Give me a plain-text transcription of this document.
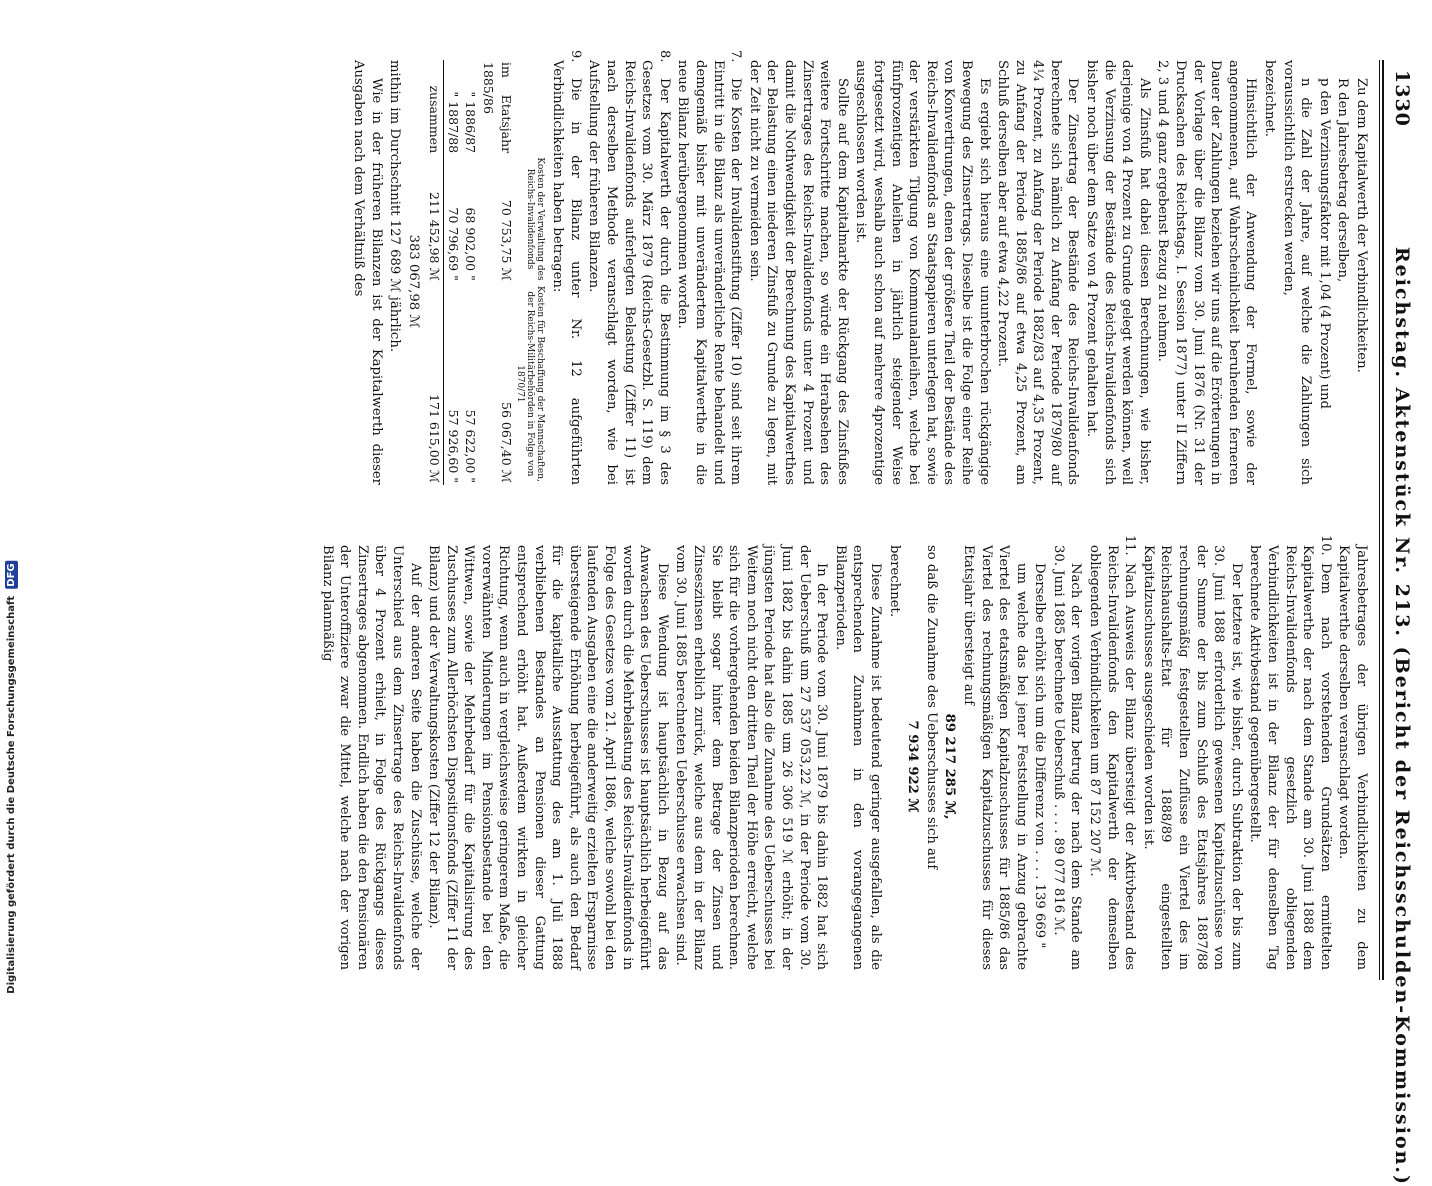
1330
Reichstag. Aktenstück Nr. 213. (Bericht der Reichsschulden-Kommission.)

Zu dem Kapitalwerth der Verbindlichkeiten.

R den Jahresbetrag derselben,

p den Verzinsungsfaktor mit 1,04 (4 Prozent) und

n die Zahl der Jahre, auf welche die Zahlungen sich voraussichtlich erstrecken werden,

bezeichnet.

Hinsichtlich der Anwendung der Formel, sowie der angenommenen, auf Wahrscheinlichkeit beruhenden ferneren Dauer der Zahlungen beziehen wir uns auf die Erörterungen in der Vorlage über die Bilanz vom 30. Juni 1876 (Nr. 31 der Drucksachen des Reichstags, I. Session 1877) unter II Ziffern 2, 3 und 4 ganz ergebenst Bezug zu nehmen.

Als Zinsfuß hat dabei diesen Berechnungen, wie bisher, derjenige von 4 Prozent zu Grunde gelegt werden können, weil die Verzinsung der Bestände des Reichs-Invalidenfonds sich bisher noch über dem Satze von 4 Prozent gehalten hat.

Der Zinsertrag der Bestände des Reichs-Invalidenfonds berechnete sich nämlich zu Anfang der Periode 1879/80 auf 4¼ Prozent, zu Anfang der Periode 1882/83 auf 4,35 Prozent, zu Anfang der Periode 1885/86 auf etwa 4,25 Prozent, am Schluß derselben aber auf etwa 4,22 Prozent.

Es ergiebt sich hieraus eine ununterbrochen rückgängige Bewegung des Zinsertrags. Dieselbe ist die Folge einer Reihe von Konvertirungen, denen der größere Theil der Bestände des Reichs-Invalidenfonds an Staatspapieren unterlegen hat, sowie der verstärkten Tilgung von Kommunalanleihen, welche bei fünfprozentigen Anleihen in jährlich steigender Weise fortgesetzt wird, weshalb auch schon auf mehrere 4prozentige ausgeschlossen worden ist.

Sollte auf dem Kapitalmarkte der Rückgang des Zinsfußes weitere Fortschritte machen, so würde ein Herabsehen des Zinsertrages des Reichs-Invalidenfonds unter 4 Prozent und damit die Nothwendigkeit der Berechnung des Kapitalwerthes der Belastung einen niederen Zinsfuß zu Grunde zu legen, mit der Zeit nicht zu vermeiden sein.

7.
Die Kosten der Invalidenstiftung (Ziffer 10) sind seit ihrem Eintritt in die Bilanz als unveränderliche Rente behandelt und demgemäß bisher mit unverändertem Kapitalwerthe in die neue Bilanz herübergenommen worden.

8.
Der Kapitalwerth der durch die Bestimmung im § 3 des Gesetzes vom 30. März 1879 (Reichs-Gesetzbl. S. 119) dem Reichs-Invalidenfonds auferlegten Belastung (Ziffer 11) ist nach derselben Methode veranschlagt worden, wie bei Aufstellung der früheren Bilanzen.

9.
Die in der Bilanz unter Nr. 12 aufgeführten Verbindlichkeiten haben betragen:

	Kosten der Verwaltung des Reichs-Invalidenfonds	Kosten für Beschaffung der Mannschaften, der Reichs-Militärbehörden in Folge von 1870/71
im Etatsjahr 1885/86	70 753,75 ℳ	56 067,40 ℳ
" 1886/87	68 902,00 "	57 622,00 "
" 1887/88	70 796,69 "	57 926,60 "
zusammen	211 452,98 ℳ	171 615,00 ℳ

383 067,98 ℳ

mithin im Durchschnitt 127 689 ℳ jährlich.

Wie in der früheren Bilanzen ist der Kapitalwerth dieser Ausgaben nach dem Verhältniß des

Jahresbetrages der übrigen Verbindlichkeiten zu dem Kapitalwerthe derselben veranschlagt worden.

10.
Dem nach vorstehenden Grundsätzen ermittelten Kapitalwerthe der nach dem Stande am 30. Juni 1888 dem Reichs-Invalidenfonds gesetzlich obliegenden Verbindlichkeiten ist in der Bilanz der für denselben Tag berechnete Aktivbestand gegenübergestellt.

Der letztere ist, wie bisher, durch Subtraktion der bis zum 30. Juni 1888 erforderlich gewesenen Kapitalzuschüsse von der Summe der bis zum Schluß des Etatsjahres 1887/88 rechnungsmäßig festgestellten Zuflüsse ein Viertel des im Reichshaushalts-Etat für 1888/89 eingestellten Kapitalzuschusses ausgeschieden worden ist.

11.
Nach Ausweis der Bilanz übersteigt der Aktivbestand des Reichs-Invalidenfonds den Kapitalwerth der demselben obliegenden Verbindlichkeiten um 87 152 207 ℳ.

Nach der vorigen Bilanz betrug der nach dem Stande am 30. Juni 1885 berechnete Ueberschuß . . . . 89 077 816 ℳ.

Derselbe erhöht sich um die Differenz von . . . . 139 669 "

um welche das bei jener Feststellung in Anzug gebrachte Viertel des etatsmäßigen Kapitalzuschusses für 1885/86 das Viertel des rechnungsmäßigen Kapitalzuschusses für dieses Etatsjahr übersteigt auf

89 217 285 ℳ,

so daß die Zunahme des Ueberschusses sich auf

7 934 922 ℳ

berechnet.

Diese Zunahme ist bedeutend geringer ausgefallen, als die entsprechenden Zunahmen in den vorangegangenen Bilanzperioden.

In der Periode vom 30. Juni 1879 bis dahin 1882 hat sich der Ueberschuß um 27 537 053,22 ℳ, in der Periode vom 30. Juni 1882 bis dahin 1885 um 26 306 519 ℳ erhöht; in der jüngsten Periode hat also die Zunahme des Ueberschusses bei Weitem noch nicht den dritten Theil der Höhe erreicht, welche sich für die vorhergehenden beiden Bilanzperioden berechnen. Sie bleibt sogar hinter dem Betrage der Zinsen und Zinseszinsen erheblich zurück, welche aus dem in der Bilanz vom 30. Juni 1885 berechneten Ueberschusse erwachsen sind.

Diese Wendung ist hauptsächlich in Bezug auf das Anwachsen des Ueberschusses ist hauptsächlich herbeigeführt worden durch die Mehrbelastung des Reichs-Invalidenfonds in Folge des Gesetzes vom 21. April 1886, welche sowohl bei den laufenden Ausgaben eine die anderweitig erzielten Ersparnisse übersteigende Erhöhung herbeigeführt, als auch den Bedarf für die kapitalliche Ausstattung des am 1. Juli 1888 verbliebenen Bestandes an Pensionen dieser Gattung entsprechend erhöht hat. Außerdem wirkten in gleicher Richtung, wenn auch in vergleichsweise geringerem Maße, die vorerwähnten Minderungen im Pensionsbestande bei den Wittwen, sowie der Mehrbedarf für die Kapitalisirung des Zuschusses zum Allerhöchsten Dispositionsfonds (Ziffer 11 der Bilanz) und der Verwaltungskosten (Ziffer 12 der Bilanz).

Auf der anderen Seite haben die Zuschüsse, welche der Unterschied aus dem Zinsertrage des Reichs-Invalidenfonds über 4 Prozent erhielt, in Folge des Rückgangs dieses Zinsertrages abgenommen. Endlich haben die den Pensionären der Unteroffiziere zwar die Mittel, welche nach der vorigen Bilanz planmäßig

Digitalisierung gefördert durch die Deutsche Forschungsgemeinschaft DFG
